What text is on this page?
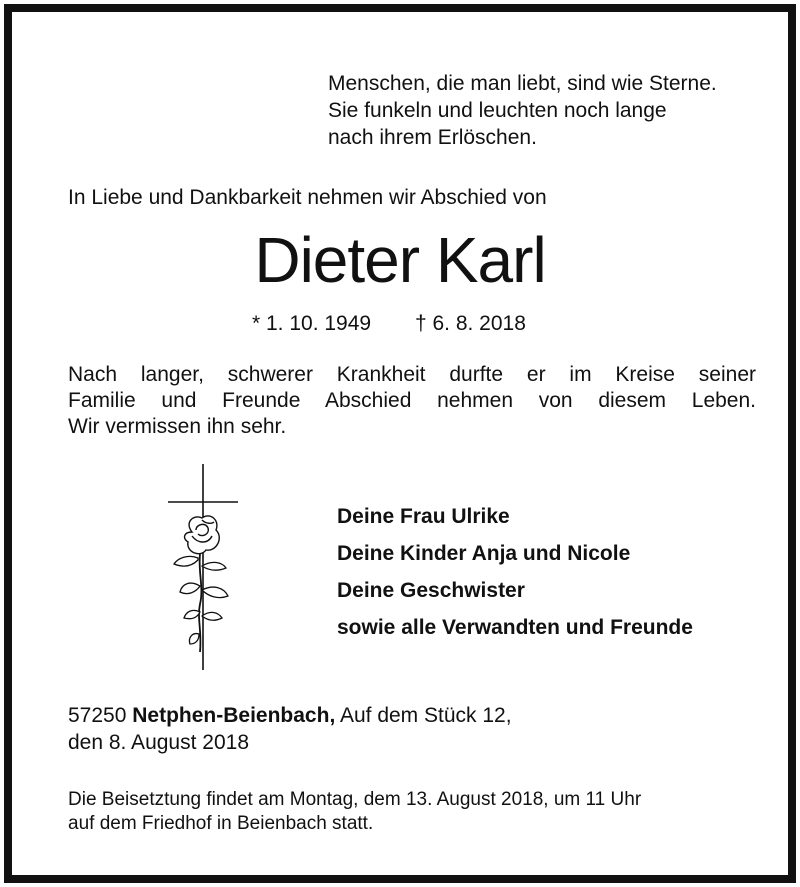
Menschen, die man liebt, sind wie Sterne.
Sie funkeln und leuchten noch lange
nach ihrem Erlöschen.

In Liebe und Dankbarkeit nehmen wir Abschied von

Dieter Karl
* 1. 10. 1949 † 6. 8. 2018
Nach langer, schwerer Krankheit durfte er im Kreise seiner
Familie und Freunde Abschied nehmen von diesem Leben.
Wir vermissen ihn sehr.
Deine Frau Ulrike
Deine Kinder Anja und Nicole
Deine Geschwister
sowie alle Verwandten und Freunde
57250 Netphen-Beienbach, Auf dem Stück 12,
den 8. August 2018
Die Beisetztung findet am Montag, dem 13. August 2018, um 11 Uhr
auf dem Friedhof in Beienbach statt.
